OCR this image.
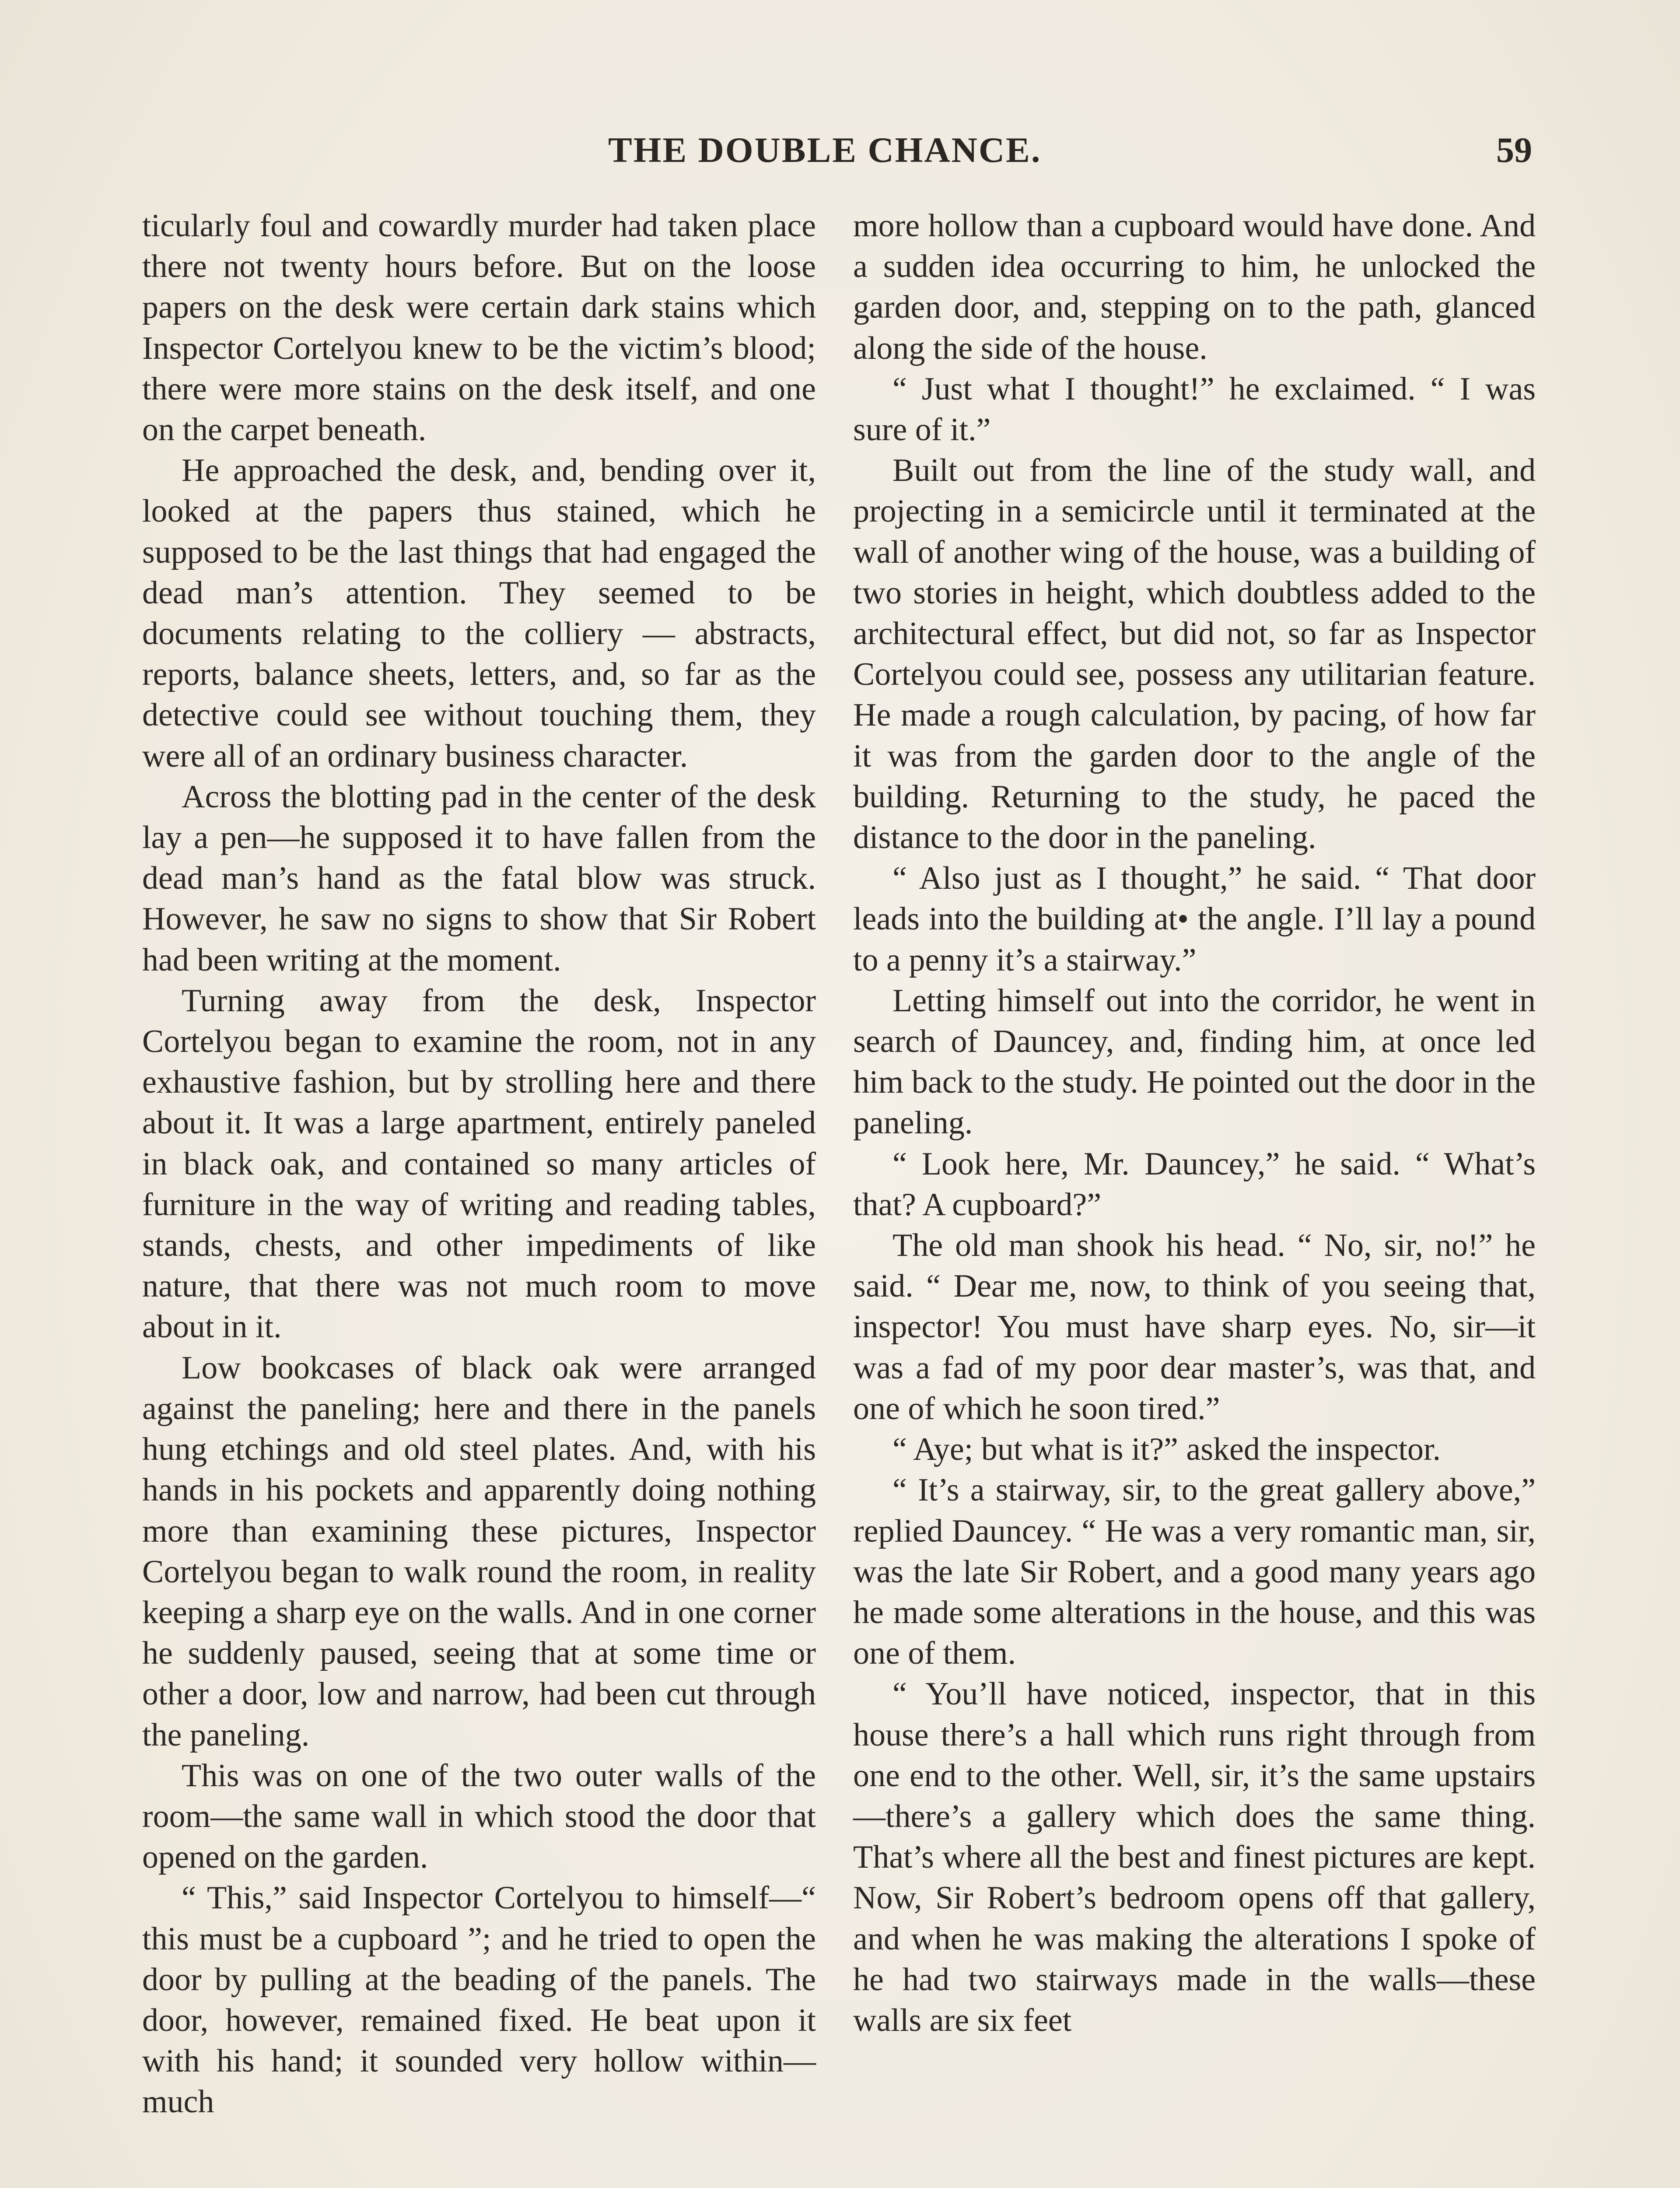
THE DOUBLE CHANCE.	59

ticularly foul and cowardly murder had taken place there not twenty hours before. But on the loose papers on the desk were certain dark stains which Inspector Cortelyou knew to be the victim’s blood; there were more stains on the desk itself, and one on the carpet beneath.

He approached the desk, and, bending over it, looked at the papers thus stained, which he supposed to be the last things that had engaged the dead man’s attention. They seemed to be documents relating to the colliery — abstracts, reports, balance sheets, letters, and, so far as the detective could see without touching them, they were all of an ordinary business character.

Across the blotting pad in the center of the desk lay a pen—he supposed it to have fallen from the dead man’s hand as the fatal blow was struck. However, he saw no signs to show that Sir Robert had been writing at the moment.

Turning away from the desk, Inspector Cortelyou began to examine the room, not in any exhaustive fashion, but by strolling here and there about it. It was a large apartment, entirely paneled in black oak, and contained so many articles of furniture in the way of writing and reading tables, stands, chests, and other impediments of like nature, that there was not much room to move about in it.

Low bookcases of black oak were arranged against the paneling; here and there in the panels hung etchings and old steel plates. And, with his hands in his pockets and apparently doing nothing more than examining these pictures, Inspector Cortelyou began to walk round the room, in reality keeping a sharp eye on the walls. And in one corner he suddenly paused, seeing that at some time or other a door, low and narrow, had been cut through the paneling.

This was on one of the two outer walls of the room—the same wall in which stood the door that opened on the garden.

“ This,” said Inspector Cortelyou to himself—“ this must be a cupboard ”; and he tried to open the door by pulling at the beading of the panels. The door, however, remained fixed. He beat upon it with his hand; it sounded very hollow within—much

more hollow than a cupboard would have done. And a sudden idea occurring to him, he unlocked the garden door, and, stepping on to the path, glanced along the side of the house.

“ Just what I thought!” he exclaimed. “ I was sure of it.”

Built out from the line of the study wall, and projecting in a semicircle until it terminated at the wall of another wing of the house, was a building of two stories in height, which doubtless added to the architectural effect, but did not, so far as Inspector Cortelyou could see, possess any utilitarian feature. He made a rough calculation, by pacing, of how far it was from the garden door to the angle of the building. Returning to the study, he paced the distance to the door in the paneling.

“ Also just as I thought,” he said. “ That door leads into the building at• the angle. I’ll lay a pound to a penny it’s a stairway.”

Letting himself out into the corridor, he went in search of Dauncey, and, finding him, at once led him back to the study. He pointed out the door in the paneling.

“ Look here, Mr. Dauncey,” he said. “ What’s that? A cupboard?”

The old man shook his head. “ No, sir, no!” he said. “ Dear me, now, to think of you seeing that, inspector! You must have sharp eyes. No, sir—it was a fad of my poor dear master’s, was that, and one of which he soon tired.”

“ Aye; but what is it?” asked the inspector.

“ It’s a stairway, sir, to the great gallery above,” replied Dauncey. “ He was a very romantic man, sir, was the late Sir Robert, and a good many years ago he made some alterations in the house, and this was one of them.

“ You’ll have noticed, inspector, that in this house there’s a hall which runs right through from one end to the other. Well, sir, it’s the same upstairs—there’s a gallery which does the same thing. That’s where all the best and finest pictures are kept. Now, Sir Robert’s bedroom opens off that gallery, and when he was making the alterations I spoke of he had two stairways made in the walls—these walls are six feet
